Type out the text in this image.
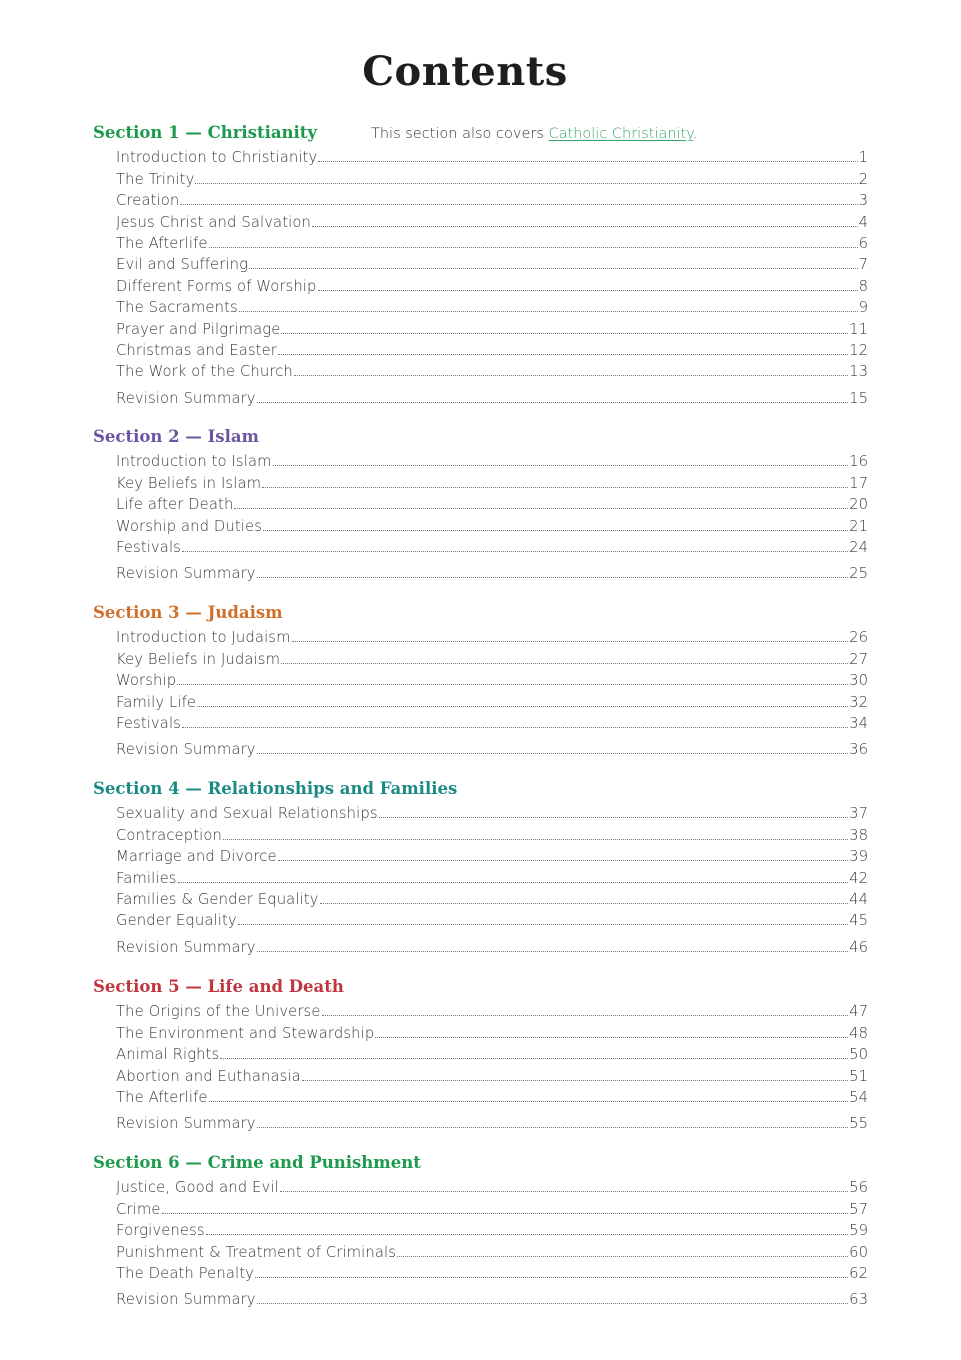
Contents
Section 1 — Christianity	This section also covers Catholic Christianity.
Introduction to Christianity	1
The Trinity	2
Creation	3
Jesus Christ and Salvation	4
The Afterlife	6
Evil and Suffering	7
Different Forms of Worship	8
The Sacraments	9
Prayer and Pilgrimage	11
Christmas and Easter	12
The Work of the Church	13
Revision Summary	15
Section 2 — Islam
Introduction to Islam	16
Key Beliefs in Islam	17
Life after Death	20
Worship and Duties	21
Festivals	24
Revision Summary	25
Section 3 — Judaism
Introduction to Judaism	26
Key Beliefs in Judaism	27
Worship	30
Family Life	32
Festivals	34
Revision Summary	36
Section 4 — Relationships and Families
Sexuality and Sexual Relationships	37
Contraception	38
Marriage and Divorce	39
Families	42
Families & Gender Equality	44
Gender Equality	45
Revision Summary	46
Section 5 — Life and Death
The Origins of the Universe	47
The Environment and Stewardship	48
Animal Rights	50
Abortion and Euthanasia	51
The Afterlife	54
Revision Summary	55
Section 6 — Crime and Punishment
Justice, Good and Evil	56
Crime	57
Forgiveness	59
Punishment & Treatment of Criminals	60
The Death Penalty	62
Revision Summary	63
